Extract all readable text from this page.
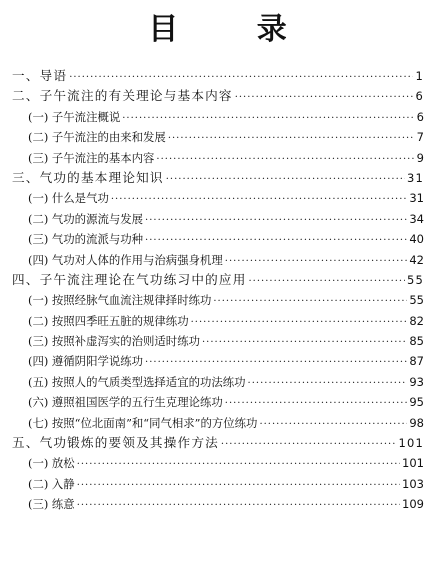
目 录
一、导语 ·····	1
二、子午流注的有关理论与基本内容 ·····	6
(一) 子午流注概说 ·····	6
(二) 子午流注的由来和发展 ·····	7
(三) 子午流注的基本内容 ·····	9
三、气功的基本理论知识 ·····	31
(一) 什么是气功 ·····	31
(二) 气功的源流与发展 ·····	34
(三) 气功的流派与功种 ·····	40
(四) 气功对人体的作用与治病强身机理 ·····	42
四、子午流注理论在气功练习中的应用 ·····	55
(一) 按照经脉气血流注规律择时练功 ·····	55
(二) 按照四季旺五脏的规律练功 ·····	82
(三) 按照补虚泻实的治则适时练功 ·····	85
(四) 遵循阴阳学说练功 ·····	87
(五) 按照人的气质类型选择适宜的功法练功 ·····	93
(六) 遵照祖国医学的五行生克理论练功 ·····	95
(七) 按照“位北面南”和“同气相求”的方位练功 ·····	98
五、气功锻炼的要领及其操作方法 ·····	101
(一) 放松 ·····	101
(二) 入静 ·····	103
(三) 练意 ·····	109
